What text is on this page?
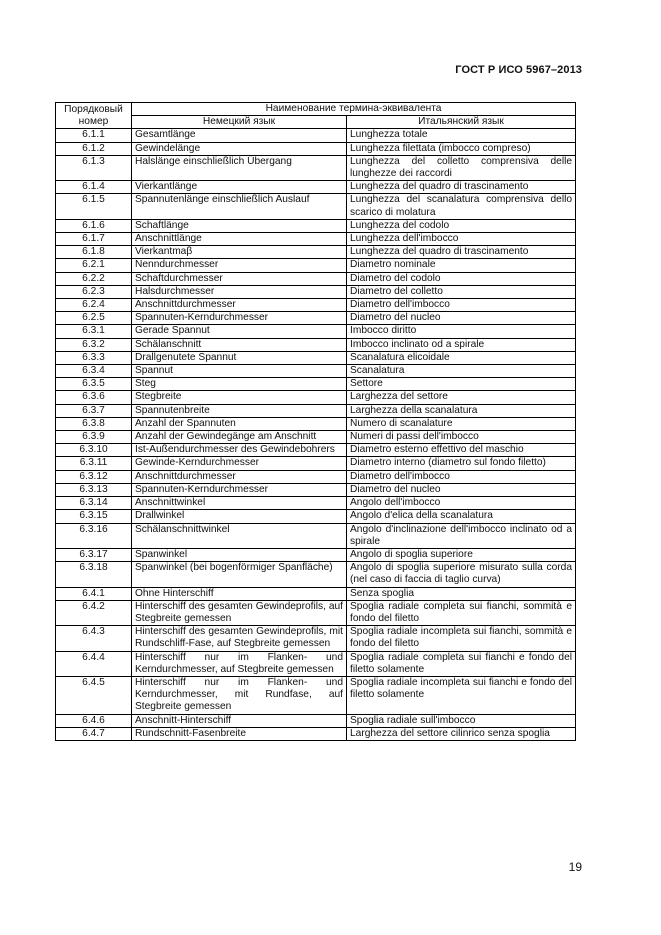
ГОСТ Р ИСО 5967–2013
Порядковый номер	Наименование термина-эквивалента	
	Немецкий язык	Итальянский язык
6.1.1	Gesamtlänge	Lunghezza totale
6.1.2	Gewindelänge	Lunghezza filettata (imbocco compreso)
6.1.3	Halslänge einschließlich Übergang	Lunghezza del colletto comprensiva delle lunghezze dei raccordi
6.1.4	Vierkantlänge	Lunghezza del quadro di trascinamento
6.1.5	Spannutenlänge einschließlich Auslauf	Lunghezza del scanalatura comprensiva dello scarico di molatura
6.1.6	Schaftlänge	Lunghezza del codolo
6.1.7	Anschnittlänge	Lunghezza dell'imbocco
6.1.8	Vierkantmaβ	Lunghezza del quadro di trascinamento
6.2.1	Nenndurchmesser	Diametro nominale
6.2.2	Schaftdurchmesser	Diametro del codolo
6.2.3	Halsdurchmesser	Diametro del colletto
6.2.4	Anschnittdurchmesser	Diametro dell'imbocco
6.2.5	Spannuten-Kerndurchmesser	Diametro del nucleo
6.3.1	Gerade Spannut	Imbocco diritto
6.3.2	Schälanschnitt	Imbocco inclinato od a spirale
6.3.3	Drallgenutete Spannut	Scanalatura elicoidale
6.3.4	Spannut	Scanalatura
6.3.5	Steg	Settore
6.3.6	Stegbreite	Larghezza del settore
6.3.7	Spannutenbreite	Larghezza della scanalatura
6.3.8	Anzahl der Spannuten	Numero di scanalature
6.3.9	Anzahl der Gewindegänge am Anschnitt	Numeri di passi dell'imbocco
6.3.10	Ist-Außendurchmesser des Gewindebohrers	Diametro esterno effettivo del maschio
6.3.11	Gewinde-Kerndurchmesser	Diametro interno (diametro sul fondo filetto)
6.3.12	Anschnittdurchmesser	Diametro dell'imbocco
6.3.13	Spannuten-Kerndurchmesser	Diametro del nucleo
6.3.14	Anschnittwinkel	Angolo dell'imbocco
6.3.15	Drallwinkel	Angolo d'elica della scanalatura
6.3.16	Schälanschnittwinkel	Angolo d'inclinazione dell'imbocco inclinato od a spirale
6.3.17	Spanwinkel	Angolo di spoglia superiore
6.3.18	Spanwinkel (bei bogenförmiger Spanfläche)	Angolo di spoglia superiore misurato sulla corda (nel caso di faccia di taglio curva)
6.4.1	Ohne Hinterschiff	Senza spoglia
6.4.2	Hinterschiff des gesamten Gewindeprofils, auf Stegbreite gemessen	Spoglia radiale completa sui fianchi, sommità e fondo del filetto
6.4.3	Hinterschiff des gesamten Gewindeprofils, mit Rundschliff-Fase, auf Stegbreite gemessen	Spoglia radiale incompleta sui fianchi, sommità e fondo del filetto
6.4.4	Hinterschiff nur im Flanken- und Kerndurchmesser, auf Stegbreite gemessen	Spoglia radiale completa sui fianchi e fondo del filetto solamente
6.4.5	Hinterschiff nur im Flanken- und Kerndurchmesser, mit Rundfase, auf Stegbreite gemessen	Spoglia radiale incompleta sui fianchi e fondo del filetto solamente
6.4.6	Anschnitt-Hinterschiff	Spoglia radiale sull'imbocco
6.4.7	Rundschnitt-Fasenbreite	Larghezza del settore cilinrico senza spoglia
19
